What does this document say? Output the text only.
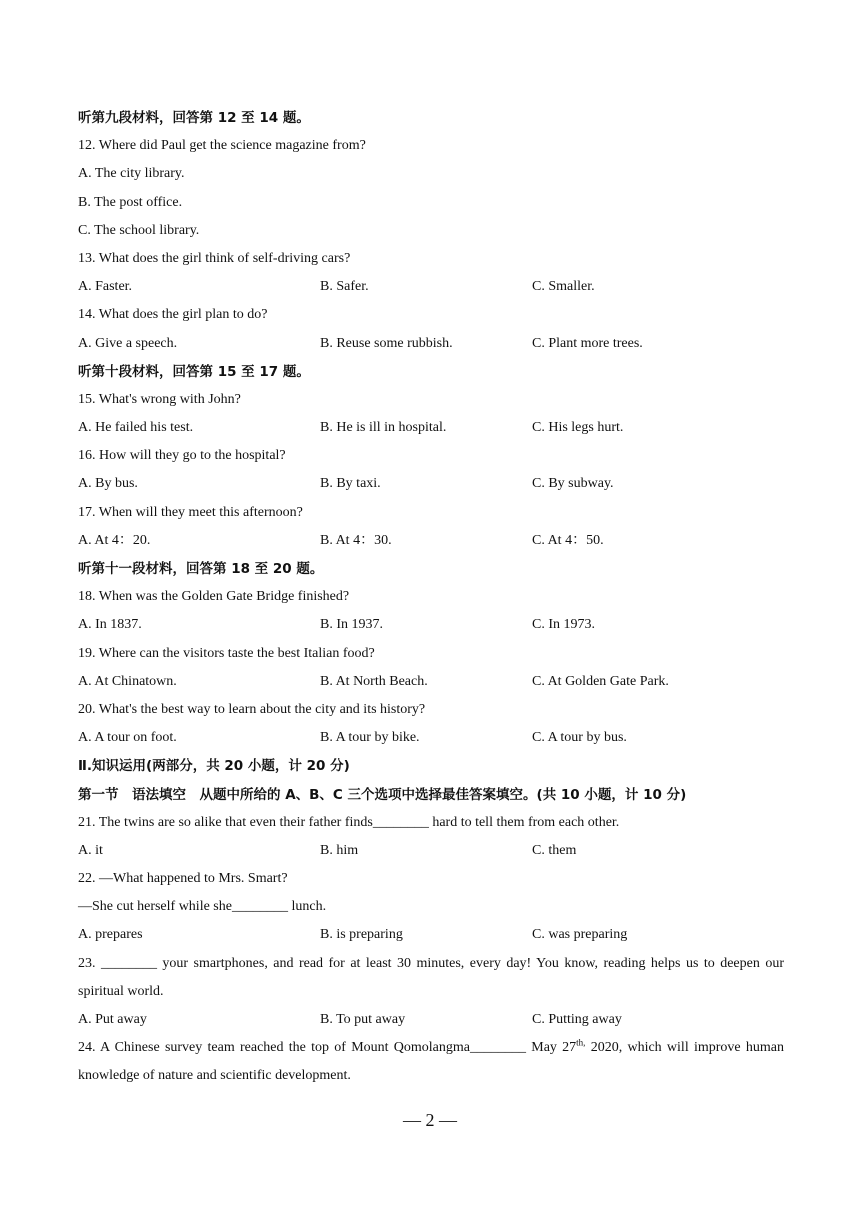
听第九段材料，回答第 12 至 14 题。
12. Where did Paul get the science magazine from?
A. The city library.
B. The post office.
C. The school library.
13. What does the girl think of self-driving cars?
A. Faster.	B. Safer.	C. Smaller.
14. What does the girl plan to do?
A. Give a speech.	B. Reuse some rubbish.	C. Plant more trees.
听第十段材料，回答第 15 至 17 题。
15. What's wrong with John?
A. He failed his test.	B. He is ill in hospital.	C. His legs hurt.
16. How will they go to the hospital?
A. By bus.	B. By taxi.	C. By subway.
17. When will they meet this afternoon?
A. At 4：20.	B. At 4：30.	C. At 4：50.
听第十一段材料，回答第 18 至 20 题。
18. When was the Golden Gate Bridge finished?
A. In 1837.	B. In 1937.	C. In 1973.
19. Where can the visitors taste the best Italian food?
A. At Chinatown.	B. At North Beach.	C. At Golden Gate Park.
20. What's the best way to learn about the city and its history?
A. A tour on foot.	B. A tour by bike.	C. A tour by bus.
Ⅱ.知识运用(两部分，共 20 小题，计 20 分)
第一节　语法填空　从题中所给的 A、B、C 三个选项中选择最佳答案填空。(共 10 小题，计 10 分)
21. The twins are so alike that even their father finds________ hard to tell them from each other.
A. it	B. him	C. them
22. —What happened to Mrs. Smart?
—She cut herself while she________ lunch.
A. prepares	B. is preparing	C. was preparing
23. ________ your smartphones, and read for at least 30 minutes, every day! You know, reading helps us to deepen our spiritual world.
A. Put away	B. To put away	C. Putting away
24. A Chinese survey team reached the top of Mount Qomolangma________ May $27^{th,}$ 2020, which will improve human knowledge of nature and scientific development.
— 2 —
